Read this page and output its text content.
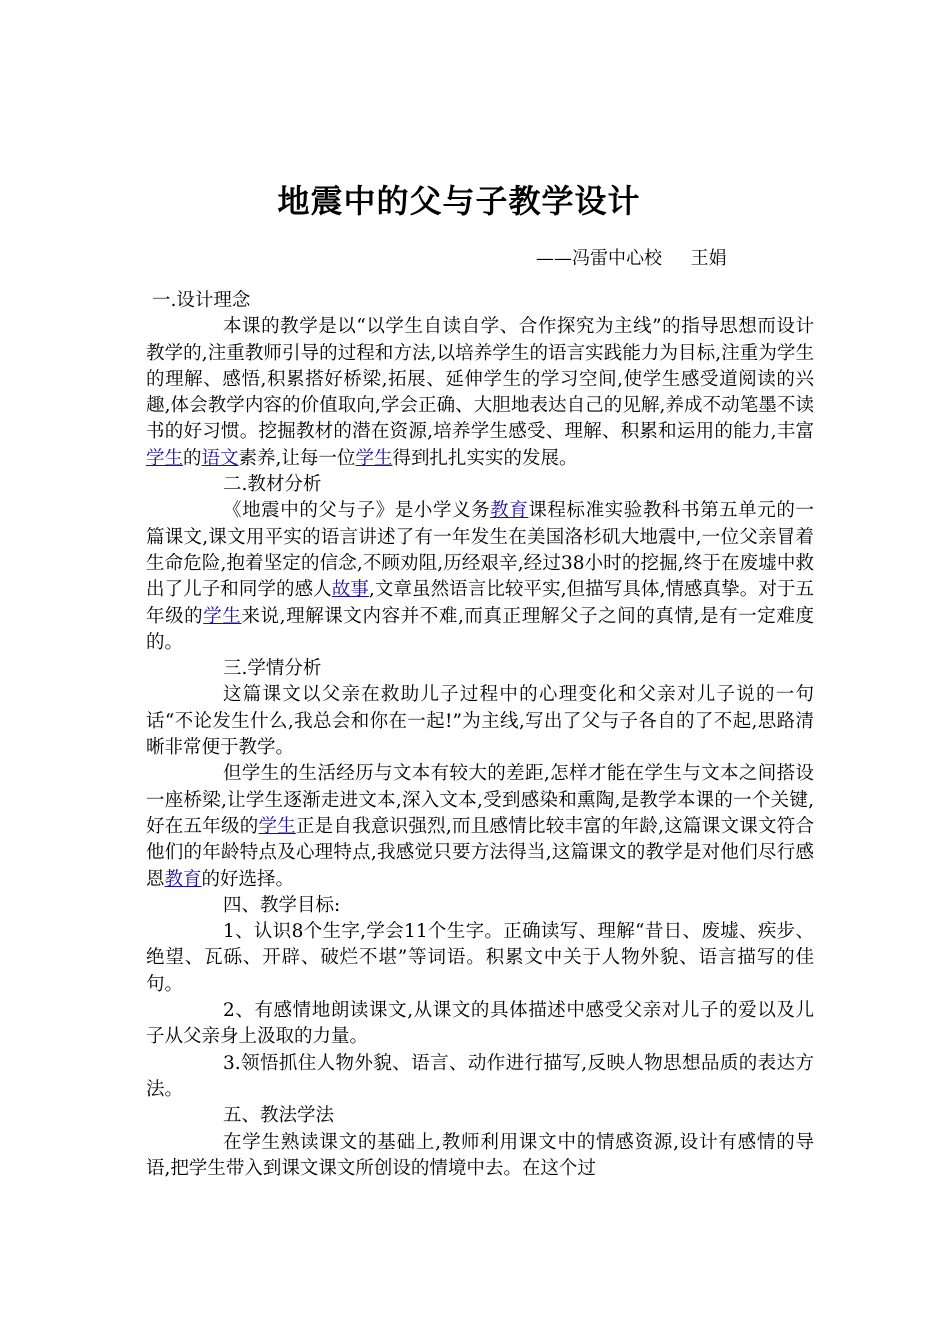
地震中的父与子教学设计
——冯雷中心校     王娟

一.设计理念

本课的教学是以“以学生自读自学、合作探究为主线”的指导思想而设计教学的,注重教师引导的过程和方法,以培养学生的语言实践能力为目标,注重为学生的理解、感悟,积累搭好桥梁,拓展、延伸学生的学习空间,使学生感受道阅读的兴趣,体会教学内容的价值取向,学会正确、大胆地表达自己的见解,养成不动笔墨不读书的好习惯。挖掘教材的潜在资源,培养学生感受、理解、积累和运用的能力,丰富学生的语文素养,让每一位学生得到扎扎实实的发展。

二.教材分析

《地震中的父与子》是小学义务教育课程标准实验教科书第五单元的一篇课文,课文用平实的语言讲述了有一年发生在美国洛杉矶大地震中,一位父亲冒着生命危险,抱着坚定的信念,不顾劝阻,历经艰辛,经过38小时的挖掘,终于在废墟中救出了儿子和同学的感人故事,文章虽然语言比较平实,但描写具体,情感真挚。对于五年级的学生来说,理解课文内容并不难,而真正理解父子之间的真情,是有一定难度的。

三.学情分析

这篇课文以父亲在救助儿子过程中的心理变化和父亲对儿子说的一句话“不论发生什么,我总会和你在一起!”为主线,写出了父与子各自的了不起,思路清晰非常便于教学。

但学生的生活经历与文本有较大的差距,怎样才能在学生与文本之间搭设一座桥梁,让学生逐渐走进文本,深入文本,受到感染和熏陶,是教学本课的一个关键,好在五年级的学生正是自我意识强烈,而且感情比较丰富的年龄,这篇课文课文符合他们的年龄特点及心理特点,我感觉只要方法得当,这篇课文的教学是对他们尽行感恩教育的好选择。

四、教学目标:

1、认识8个生字,学会11个生字。正确读写、理解“昔日、废墟、疾步、绝望、瓦砾、开辟、破烂不堪”等词语。积累文中关于人物外貌、语言描写的佳句。

2、有感情地朗读课文,从课文的具体描述中感受父亲对儿子的爱以及儿子从父亲身上汲取的力量。

3.领悟抓住人物外貌、语言、动作进行描写,反映人物思想品质的表达方法。

五、教法学法

在学生熟读课文的基础上,教师利用课文中的情感资源,设计有感情的导语,把学生带入到课文课文所创设的情境中去。在这个过
